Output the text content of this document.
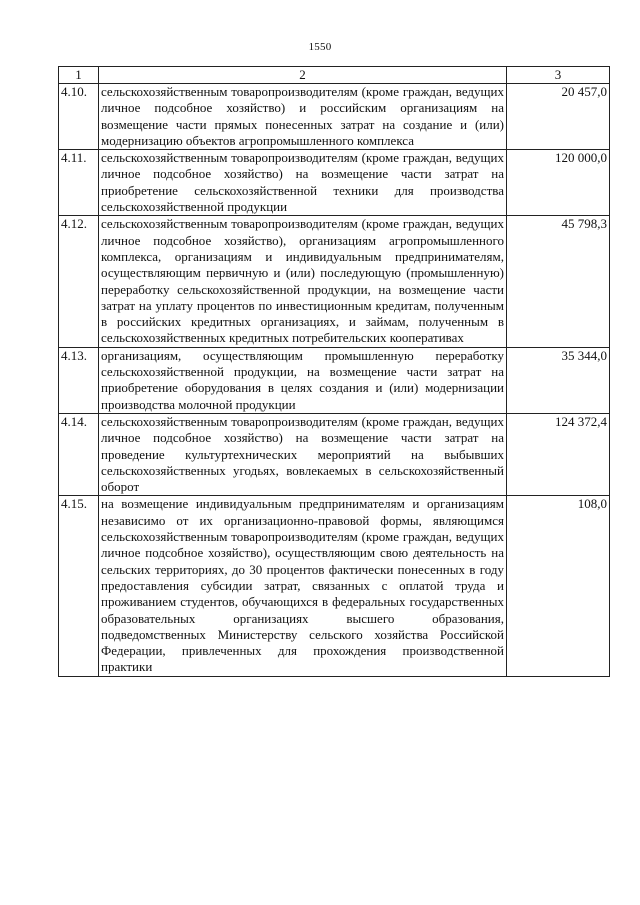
1550
1	2	3
4.10.	сельскохозяйственным товаропроизводителям (кроме граждан, ведущих личное подсобное хозяйство) и российским организациям на возмещение части прямых понесенных затрат на создание и (или) модернизацию объектов агропромышленного комплекса	20 457,0
4.11.	сельскохозяйственным товаропроизводителям (кроме граждан, ведущих личное подсобное хозяйство) на возмещение части затрат на приобретение сельскохозяйственной техники для производства сельскохозяйственной продукции	120 000,0
4.12.	сельскохозяйственным товаропроизводителям (кроме граждан, ведущих личное подсобное хозяйство), организациям агропромышленного комплекса, организациям и индивидуальным предпринимателям, осуществляющим первичную и (или) последующую (промышленную) переработку сельскохозяйственной продукции, на возмещение части затрат на уплату процентов по инвестиционным кредитам, полученным в российских кредитных организациях, и займам, полученным в сельскохозяйственных кредитных потребительских кооперативах	45 798,3
4.13.	организациям, осуществляющим промышленную переработку сельскохозяйственной продукции, на возмещение части затрат на приобретение оборудования в целях создания и (или) модернизации производства молочной продукции	35 344,0
4.14.	сельскохозяйственным товаропроизводителям (кроме граждан, ведущих личное подсобное хозяйство) на возмещение части затрат на проведение культуртехнических мероприятий на выбывших сельскохозяйственных угодьях, вовлекаемых в сельскохозяйственный оборот	124 372,4
4.15.	на возмещение индивидуальным предпринимателям и организациям независимо от их организационно-правовой формы, являющимся сельскохозяйственным товаропроизводителям (кроме граждан, ведущих личное подсобное хозяйство), осуществляющим свою деятельность на сельских территориях, до 30 процентов фактически понесенных в году предоставления субсидии затрат, связанных с оплатой труда и проживанием студентов, обучающихся в федеральных государственных образовательных организациях высшего образования, подведомственных Министерству сельского хозяйства Российской Федерации, привлеченных для прохождения производственной практики	108,0
